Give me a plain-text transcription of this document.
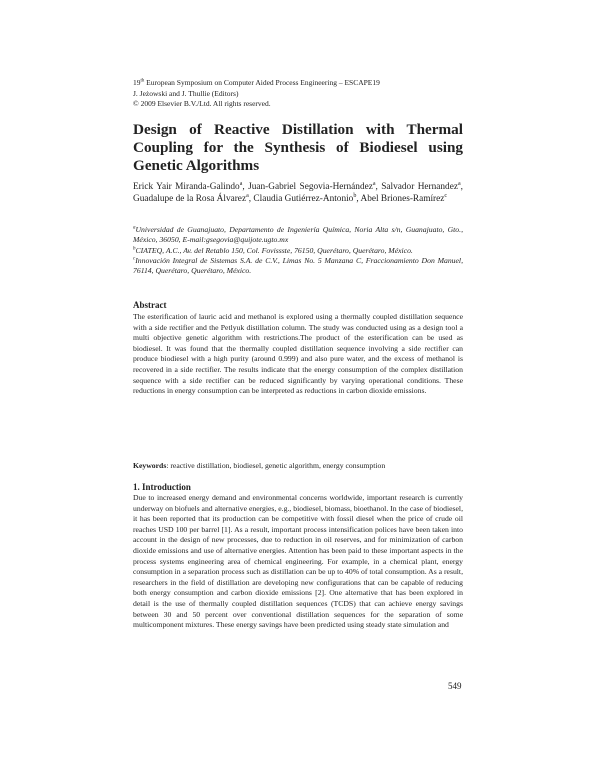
19th European Symposium on Computer Aided Process Engineering – ESCAPE19
J. Jeżowski and J. Thullie (Editors)
© 2009 Elsevier B.V./Ltd. All rights reserved.
Design of Reactive Distillation with Thermal Coupling for the Synthesis of Biodiesel using Genetic Algorithms
Erick Yair Miranda-Galindo$^a$, Juan-Gabriel Segovia-Hernández$^a$, Salvador Hernandez$^a$, Guadalupe de la Rosa Álvarez$^a$, Claudia Gutiérrez-Antonio$^b$, Abel Briones-Ramírez$^c$
$^a$Universidad de Guanajuato, Departamento de Ingeniería Química, Noria Alta s/n, Guanajuato, Gto., México, 36050, E-mail:gsegovia@quijote.ugto.mx
$^b$CIATEQ, A.C., Av. del Retablo 150, Col. Fovissste, 76150, Querétaro, Querétaro, México.
$^c$Innovación Integral de Sistemas S.A. de C.V., Limas No. 5 Manzana C, Fraccionamiento Don Manuel, 76114, Querétaro, Querétaro, México.
Abstract
The esterification of lauric acid and methanol is explored using a thermally coupled distillation sequence with a side rectifier and the Petlyuk distillation column. The study was conducted using as a design tool a multi objective genetic algorithm with restrictions.The product of the esterification can be used as biodiesel. It was found that the thermally coupled distillation sequence involving a side rectifier can produce biodiesel with a high purity (around 0.999) and also pure water, and the excess of methanol is recovered in a side rectifier. The results indicate that the energy consumption of the complex distillation sequence with a side rectifier can be reduced significantly by varying operational conditions. These reductions in energy consumption can be interpreted as reductions in carbon dioxide emissions.
Keywords: reactive distillation, biodiesel, genetic algorithm, energy consumption
1. Introduction
Due to increased energy demand and environmental concerns worldwide, important research is currently underway on biofuels and alternative energies, e.g., biodiesel, biomass, bioethanol. In the case of biodiesel, it has been reported that its production can be competitive with fossil diesel when the price of crude oil reaches USD 100 per barrel [1]. As a result, important process intensification polices have been taken into account in the design of new processes, due to reduction in oil reserves, and for minimization of carbon dioxide emissions and use of alternative energies. Attention has been paid to these important aspects in the process systems engineering area of chemical engineering. For example, in a chemical plant, energy consumption in a separation process such as distillation can be up to 40% of total consumption. As a result, researchers in the field of distillation are developing new configurations that can be capable of reducing both energy consumption and carbon dioxide emissions [2]. One alternative that has been explored in detail is the use of thermally coupled distillation sequences (TCDS) that can achieve energy savings between 30 and 50 percent over conventional distillation sequences for the separation of some multicomponent mixtures. These energy savings have been predicted using steady state simulation and
549
